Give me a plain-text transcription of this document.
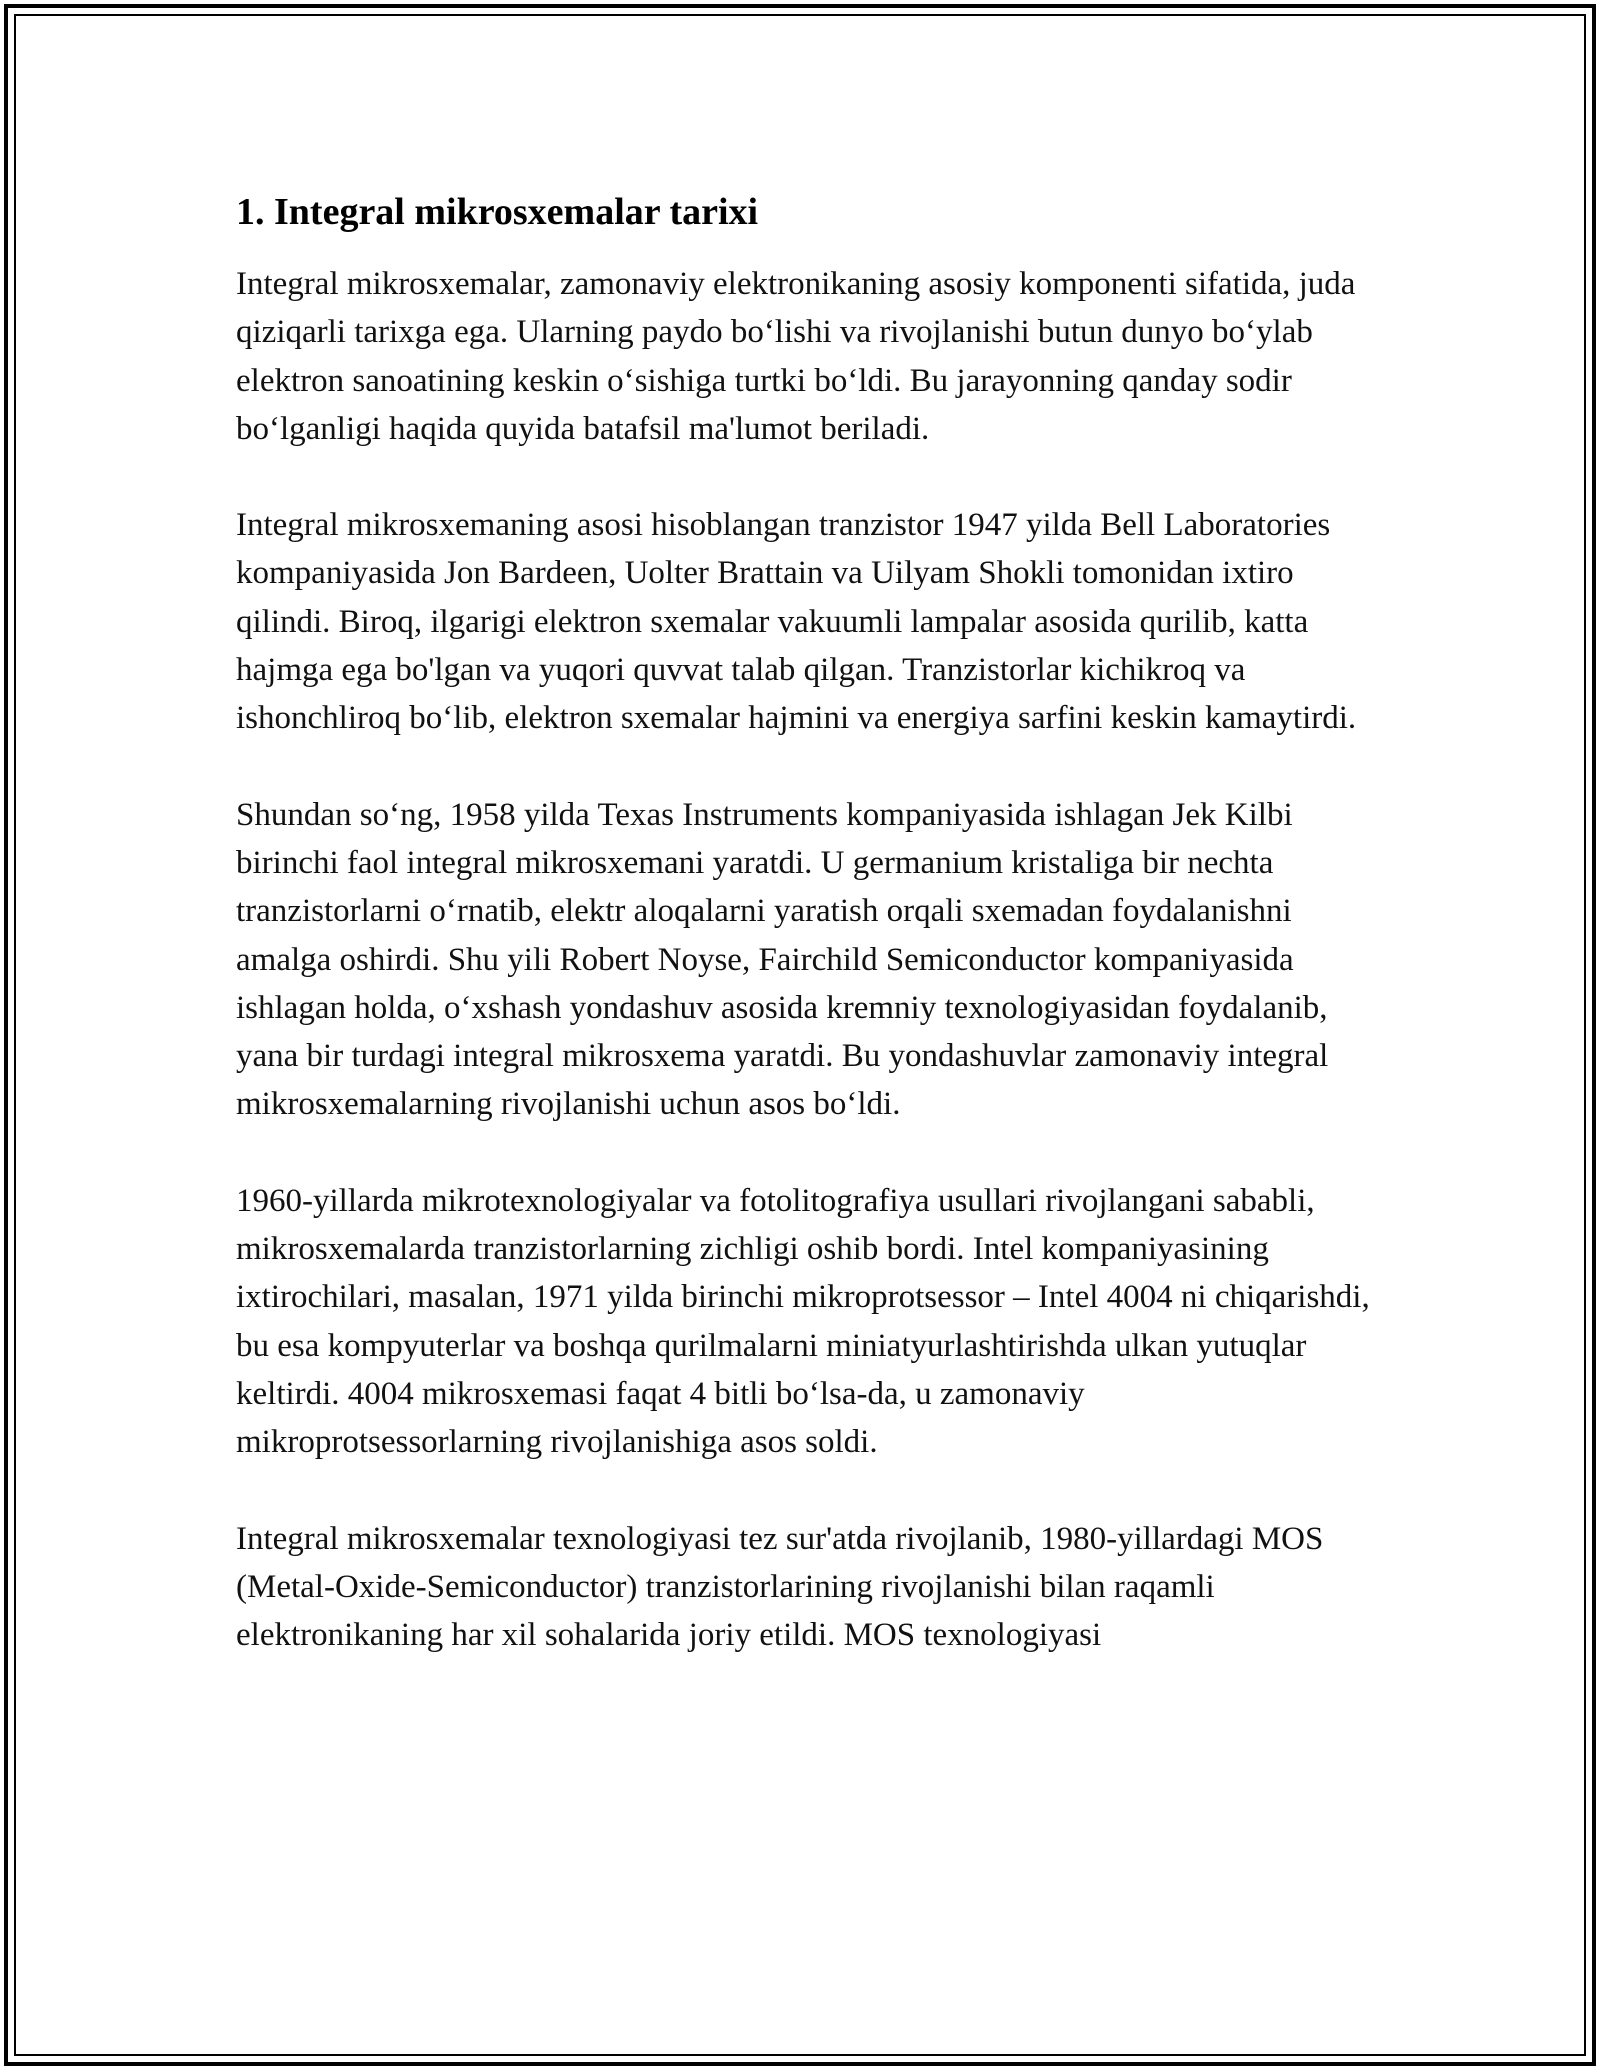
1. Integral mikrosxemalar tarixi

Integral mikrosxemalar, zamonaviy elektronikaning asosiy komponenti sifatida, juda qiziqarli tarixga ega. Ularning paydo boʻlishi va rivojlanishi butun dunyo boʻylab elektron sanoatining keskin oʻsishiga turtki boʻldi. Bu jarayonning qanday sodir boʻlganligi haqida quyida batafsil ma'lumot beriladi.

Integral mikrosxemaning asosi hisoblangan tranzistor 1947 yilda Bell Laboratories kompaniyasida Jon Bardeen, Uolter Brattain va Uilyam Shokli tomonidan ixtiro qilindi. Biroq, ilgarigi elektron sxemalar vakuumli lampalar asosida qurilib, katta hajmga ega bo'lgan va yuqori quvvat talab qilgan. Tranzistorlar kichikroq va ishonchliroq boʻlib, elektron sxemalar hajmini va energiya sarfini keskin kamaytirdi.

Shundan soʻng, 1958 yilda Texas Instruments kompaniyasida ishlagan Jek Kilbi birinchi faol integral mikrosxemani yaratdi. U germanium kristaliga bir nechta tranzistorlarni oʻrnatib, elektr aloqalarni yaratish orqali sxemadan foydalanishni amalga oshirdi. Shu yili Robert Noyse, Fairchild Semiconductor kompaniyasida ishlagan holda, oʻxshash yondashuv asosida kremniy texnologiyasidan foydalanib, yana bir turdagi integral mikrosxema yaratdi. Bu yondashuvlar zamonaviy integral mikrosxemalarning rivojlanishi uchun asos boʻldi.

1960-yillarda mikrotexnologiyalar va fotolitografiya usullari rivojlangani sababli, mikrosxemalarda tranzistorlarning zichligi oshib bordi. Intel kompaniyasining ixtirochilari, masalan, 1971 yilda birinchi mikroprotsessor – Intel 4004 ni chiqarishdi, bu esa kompyuterlar va boshqa qurilmalarni miniatyurlashtirishda ulkan yutuqlar keltirdi. 4004 mikrosxemasi faqat 4 bitli boʻlsa-da, u zamonaviy mikroprotsessorlarning rivojlanishiga asos soldi.

Integral mikrosxemalar texnologiyasi tez sur'atda rivojlanib, 1980-yillardagi MOS (Metal-Oxide-Semiconductor) tranzistorlarining rivojlanishi bilan raqamli elektronikaning har xil sohalarida joriy etildi. MOS texnologiyasi
